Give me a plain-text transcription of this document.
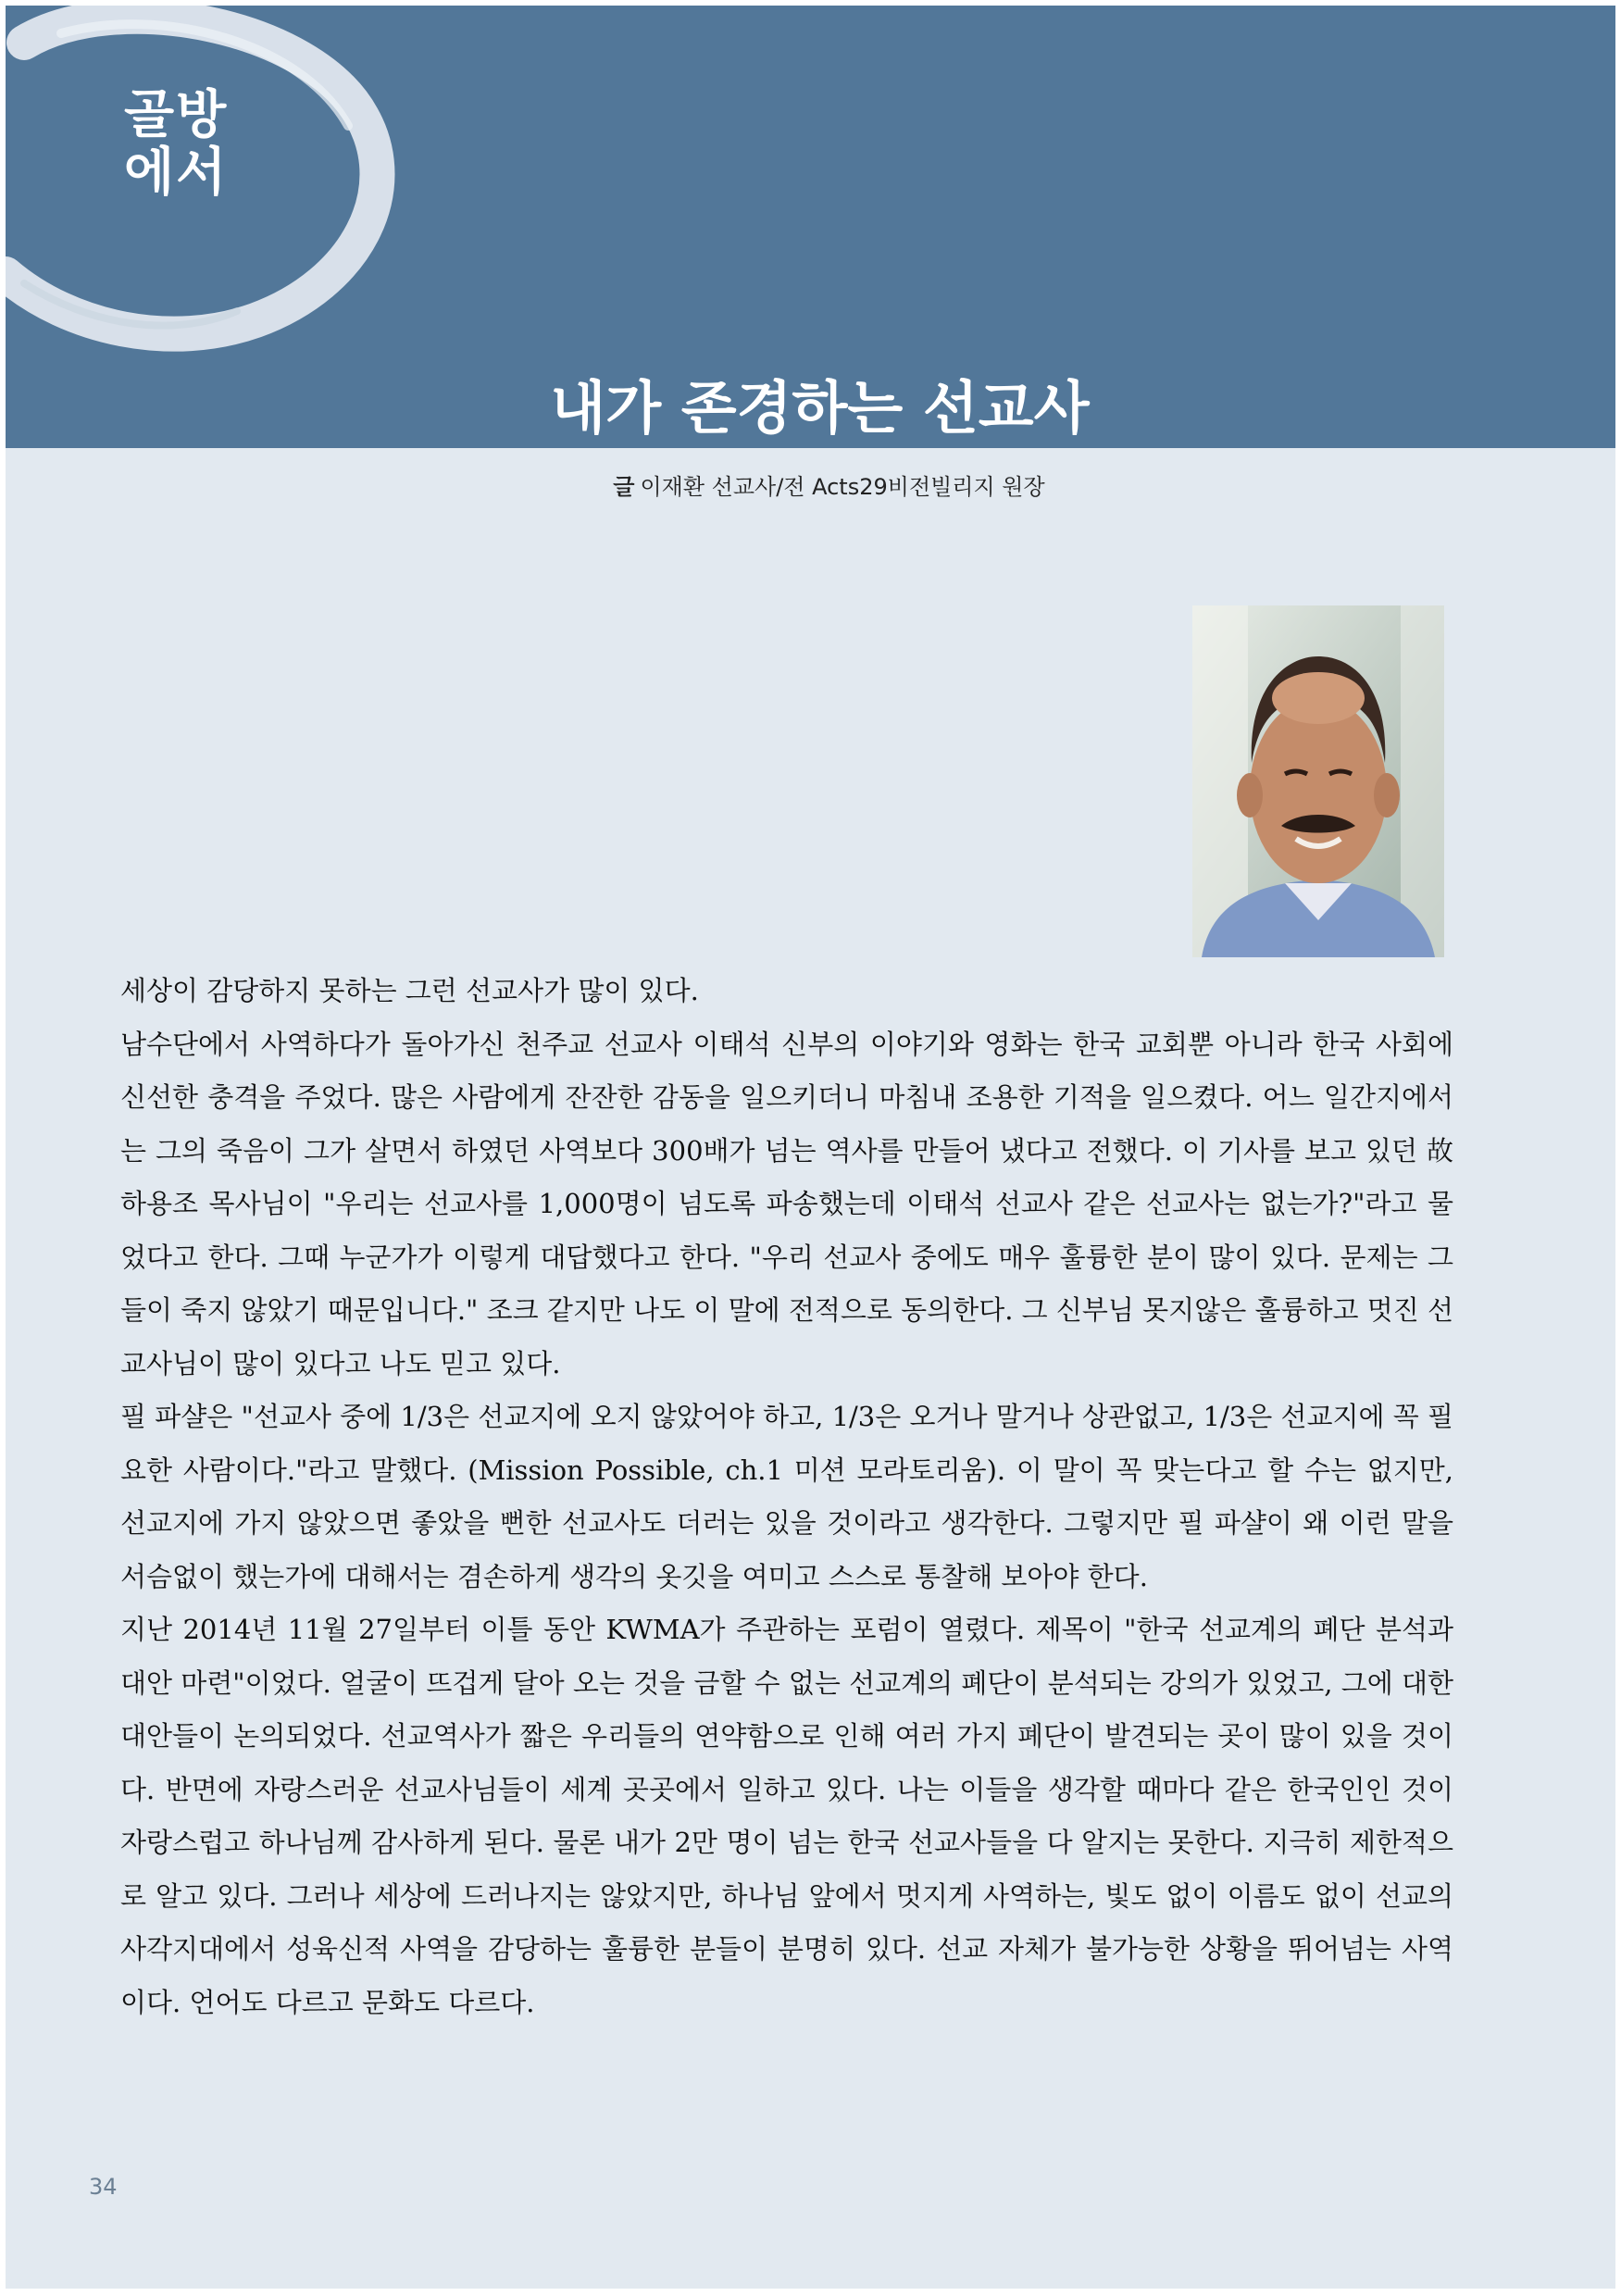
골방
에서
내가 존경하는 선교사
글 이재환 선교사/전 Acts29비전빌리지 원장

세상이 감당하지 못하는 그런 선교사가 많이 있다.

남수단에서 사역하다가 돌아가신 천주교 선교사 이태석 신부의 이야기와 영화는 한국 교회뿐 아니라 한국 사회에 신선한 충격을 주었다. 많은 사람에게 잔잔한 감동을 일으키더니 마침내 조용한 기적을 일으켰다. 어느 일간지에서는 그의 죽음이 그가 살면서 하였던 사역보다 300배가 넘는 역사를 만들어 냈다고 전했다. 이 기사를 보고 있던 故 하용조 목사님이 "우리는 선교사를 1,000명이 넘도록 파송했는데 이태석 선교사 같은 선교사는 없는가?"라고 물었다고 한다. 그때 누군가가 이렇게 대답했다고 한다. "우리 선교사 중에도 매우 훌륭한 분이 많이 있다. 문제는 그들이 죽지 않았기 때문입니다." 조크 같지만 나도 이 말에 전적으로 동의한다. 그 신부님 못지않은 훌륭하고 멋진 선교사님이 많이 있다고 나도 믿고 있다.

필 파샬은 "선교사 중에 1/3은 선교지에 오지 않았어야 하고, 1/3은 오거나 말거나 상관없고, 1/3은 선교지에 꼭 필요한 사람이다."라고 말했다. (Mission Possible, ch.1 미션 모라토리움). 이 말이 꼭 맞는다고 할 수는 없지만, 선교지에 가지 않았으면 좋았을 뻔한 선교사도 더러는 있을 것이라고 생각한다. 그렇지만 필 파샬이 왜 이런 말을 서슴없이 했는가에 대해서는 겸손하게 생각의 옷깃을 여미고 스스로 통찰해 보아야 한다.

지난 2014년 11월 27일부터 이틀 동안 KWMA가 주관하는 포럼이 열렸다. 제목이 "한국 선교계의 폐단 분석과 대안 마련"이었다. 얼굴이 뜨겁게 달아 오는 것을 금할 수 없는 선교계의 폐단이 분석되는 강의가 있었고, 그에 대한 대안들이 논의되었다. 선교역사가 짧은 우리들의 연약함으로 인해 여러 가지 폐단이 발견되는 곳이 많이 있을 것이다. 반면에 자랑스러운 선교사님들이 세계 곳곳에서 일하고 있다. 나는 이들을 생각할 때마다 같은 한국인인 것이 자랑스럽고 하나님께 감사하게 된다. 물론 내가 2만 명이 넘는 한국 선교사들을 다 알지는 못한다. 지극히 제한적으로 알고 있다. 그러나 세상에 드러나지는 않았지만, 하나님 앞에서 멋지게 사역하는, 빛도 없이 이름도 없이 선교의 사각지대에서 성육신적 사역을 감당하는 훌륭한 분들이 분명히 있다. 선교 자체가 불가능한 상황을 뛰어넘는 사역이다. 언어도 다르고 문화도 다르다.

34
